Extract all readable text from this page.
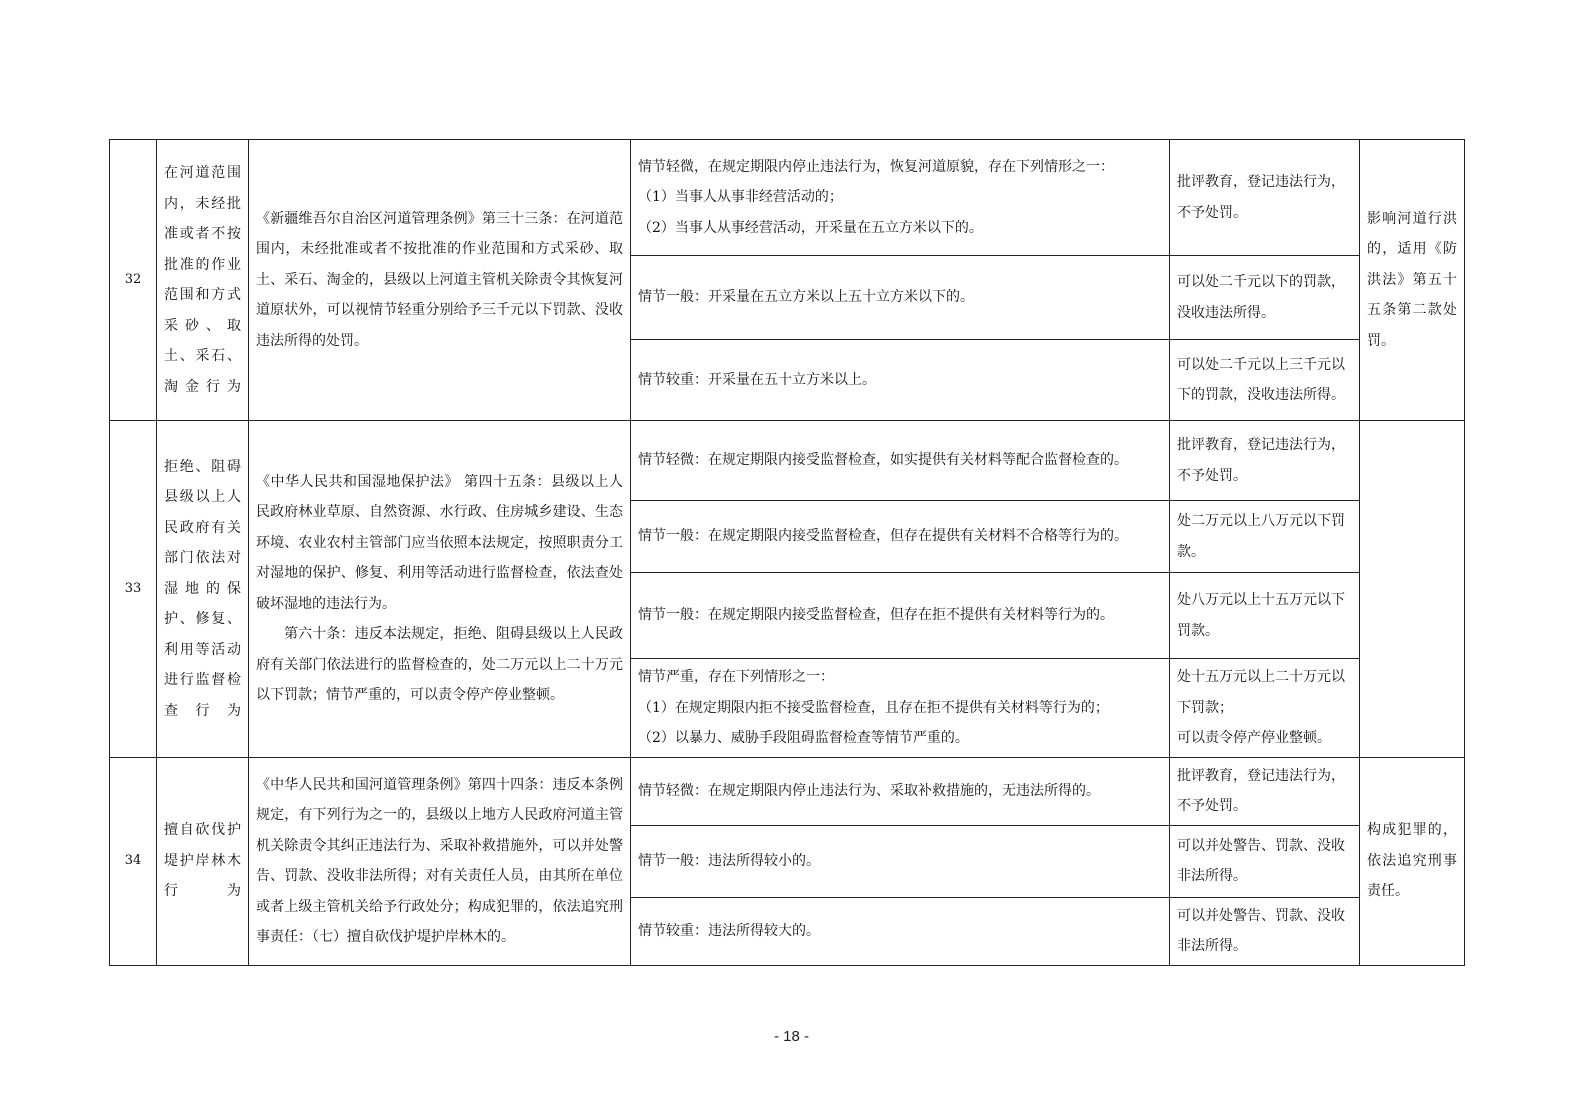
32	在河道范围内，未经批准或者不按批准的作业范围和方式采砂、取土、采石、淘金行为	《新疆维吾尔自治区河道管理条例》第三十三条：在河道范围内，未经批准或者不按批准的作业范围和方式采砂、取土、采石、淘金的，县级以上河道主管机关除责令其恢复河道原状外，可以视情节轻重分别给予三千元以下罚款、没收违法所得的处罚。	情节轻微，在规定期限内停止违法行为，恢复河道原貌，存在下列情形之一：
（1）当事人从事非经营活动的；
（2）当事人从事经营活动，开采量在五立方米以下的。	批评教育，登记违法行为，不予处罚。	影响河道行洪的，适用《防洪法》第五十五条第二款处罚。
			情节一般：开采量在五立方米以上五十立方米以下的。	可以处二千元以下的罚款，没收违法所得。	
			情节较重：开采量在五十立方米以上。	可以处二千元以上三千元以下的罚款，没收违法所得。	
33	拒绝、阻碍县级以上人民政府有关部门依法对湿地的保护、修复、利用等活动进行监督检查行为	《中华人民共和国湿地保护法》 第四十五条：县级以上人民政府林业草原、自然资源、水行政、住房城乡建设、生态环境、农业农村主管部门应当依照本法规定，按照职责分工对湿地的保护、修复、利用等活动进行监督检查，依法查处破坏湿地的违法行为。
第六十条：违反本法规定，拒绝、阻碍县级以上人民政府有关部门依法进行的监督检查的，处二万元以上二十万元以下罚款；情节严重的，可以责令停产停业整顿。	情节轻微：在规定期限内接受监督检查，如实提供有关材料等配合监督检查的。	批评教育，登记违法行为，不予处罚。	
			情节一般：在规定期限内接受监督检查，但存在提供有关材料不合格等行为的。	处二万元以上八万元以下罚款。	
			情节一般：在规定期限内接受监督检查，但存在拒不提供有关材料等行为的。	处八万元以上十五万元以下罚款。	
			情节严重，存在下列情形之一：
（1）在规定期限内拒不接受监督检查，且存在拒不提供有关材料等行为的；
（2）以暴力、威胁手段阻碍监督检查等情节严重的。	处十五万元以上二十万元以下罚款；
可以责令停产停业整顿。	
34	擅自砍伐护堤护岸林木行为	《中华人民共和国河道管理条例》第四十四条：违反本条例规定，有下列行为之一的，县级以上地方人民政府河道主管机关除责令其纠正违法行为、采取补救措施外，可以并处警告、罚款、没收非法所得；对有关责任人员，由其所在单位或者上级主管机关给予行政处分；构成犯罪的，依法追究刑事责任：（七）擅自砍伐护堤护岸林木的。	情节轻微：在规定期限内停止违法行为、采取补救措施的，无违法所得的。	批评教育，登记违法行为，不予处罚。	构成犯罪的，依法追究刑事责任。
			情节一般：违法所得较小的。	可以并处警告、罚款、没收非法所得。	
			情节较重：违法所得较大的。	可以并处警告、罚款、没收非法所得。	
- 18 -
